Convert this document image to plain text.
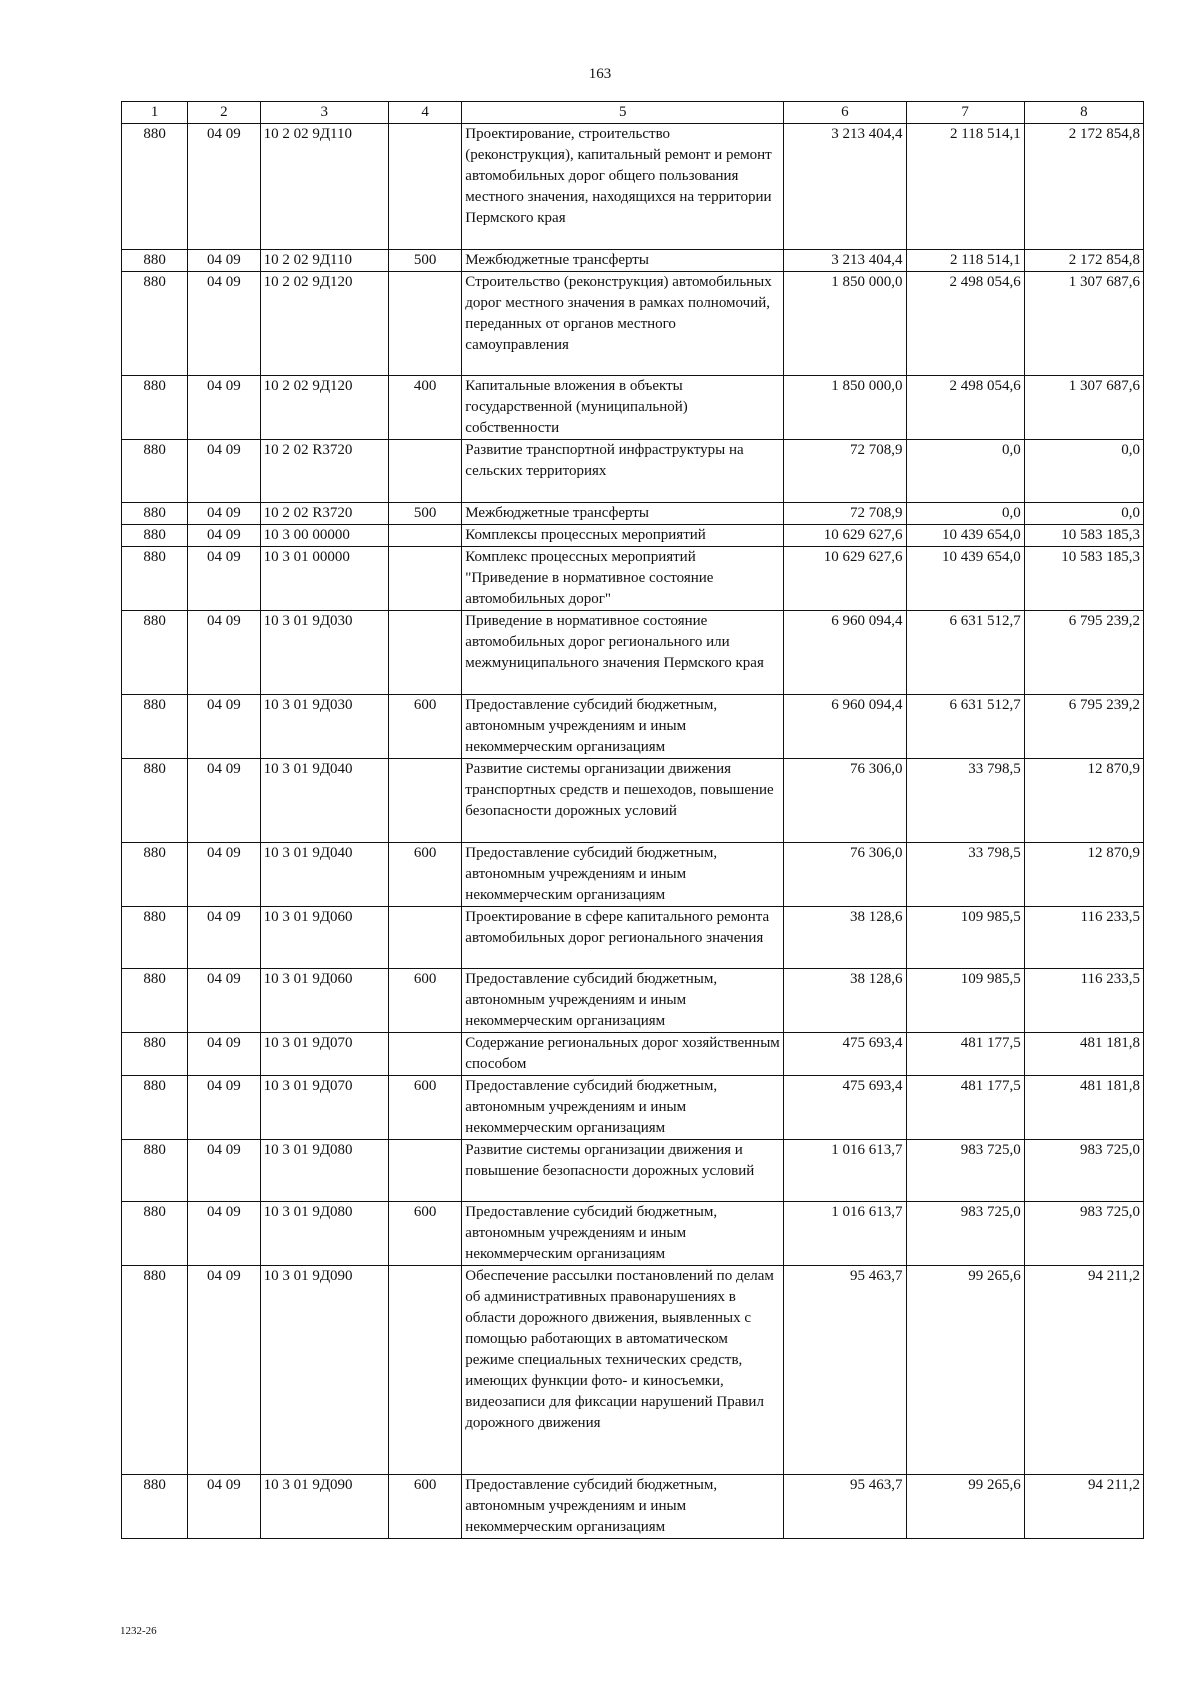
163
1	2	3	4	5	6	7	8
880	04 09	10 2 02 9Д110		Проектирование, строительство (реконструкция), капитальный ремонт и ремонт автомобильных дорог общего пользования местного значения, находящихся на территории Пермского края	3 213 404,4	2 118 514,1	2 172 854,8
880	04 09	10 2 02 9Д110	500	Межбюджетные трансферты	3 213 404,4	2 118 514,1	2 172 854,8
880	04 09	10 2 02 9Д120		Строительство (реконструкция) автомобильных дорог местного значения в рамках полномочий, переданных от органов местного самоуправления	1 850 000,0	2 498 054,6	1 307 687,6
880	04 09	10 2 02 9Д120	400	Капитальные вложения в объекты государственной (муниципальной) собственности	1 850 000,0	2 498 054,6	1 307 687,6
880	04 09	10 2 02 R3720		Развитие транспортной инфраструктуры на сельских территориях	72 708,9	0,0	0,0
880	04 09	10 2 02 R3720	500	Межбюджетные трансферты	72 708,9	0,0	0,0
880	04 09	10 3 00 00000		Комплексы процессных мероприятий	10 629 627,6	10 439 654,0	10 583 185,3
880	04 09	10 3 01 00000		Комплекс процессных мероприятий "Приведение в нормативное состояние автомобильных дорог"	10 629 627,6	10 439 654,0	10 583 185,3
880	04 09	10 3 01 9Д030		Приведение в нормативное состояние автомобильных дорог регионального или межмуниципального значения Пермского края	6 960 094,4	6 631 512,7	6 795 239,2
880	04 09	10 3 01 9Д030	600	Предоставление субсидий бюджетным, автономным учреждениям и иным некоммерческим организациям	6 960 094,4	6 631 512,7	6 795 239,2
880	04 09	10 3 01 9Д040		Развитие системы организации движения транспортных средств и пешеходов, повышение безопасности дорожных условий	76 306,0	33 798,5	12 870,9
880	04 09	10 3 01 9Д040	600	Предоставление субсидий бюджетным, автономным учреждениям и иным некоммерческим организациям	76 306,0	33 798,5	12 870,9
880	04 09	10 3 01 9Д060		Проектирование в сфере капитального ремонта автомобильных дорог регионального значения	38 128,6	109 985,5	116 233,5
880	04 09	10 3 01 9Д060	600	Предоставление субсидий бюджетным, автономным учреждениям и иным некоммерческим организациям	38 128,6	109 985,5	116 233,5
880	04 09	10 3 01 9Д070		Содержание региональных дорог хозяйственным способом	475 693,4	481 177,5	481 181,8
880	04 09	10 3 01 9Д070	600	Предоставление субсидий бюджетным, автономным учреждениям и иным некоммерческим организациям	475 693,4	481 177,5	481 181,8
880	04 09	10 3 01 9Д080		Развитие системы организации движения и повышение безопасности дорожных условий	1 016 613,7	983 725,0	983 725,0
880	04 09	10 3 01 9Д080	600	Предоставление субсидий бюджетным, автономным учреждениям и иным некоммерческим организациям	1 016 613,7	983 725,0	983 725,0
880	04 09	10 3 01 9Д090		Обеспечение рассылки постановлений по делам об административных правонарушениях в области дорожного движения, выявленных с помощью работающих в автоматическом режиме специальных технических средств, имеющих функции фото- и киносъемки, видеозаписи для фиксации нарушений Правил дорожного движения	95 463,7	99 265,6	94 211,2
880	04 09	10 3 01 9Д090	600	Предоставление субсидий бюджетным, автономным учреждениям и иным некоммерческим организациям	95 463,7	99 265,6	94 211,2
1232-26
